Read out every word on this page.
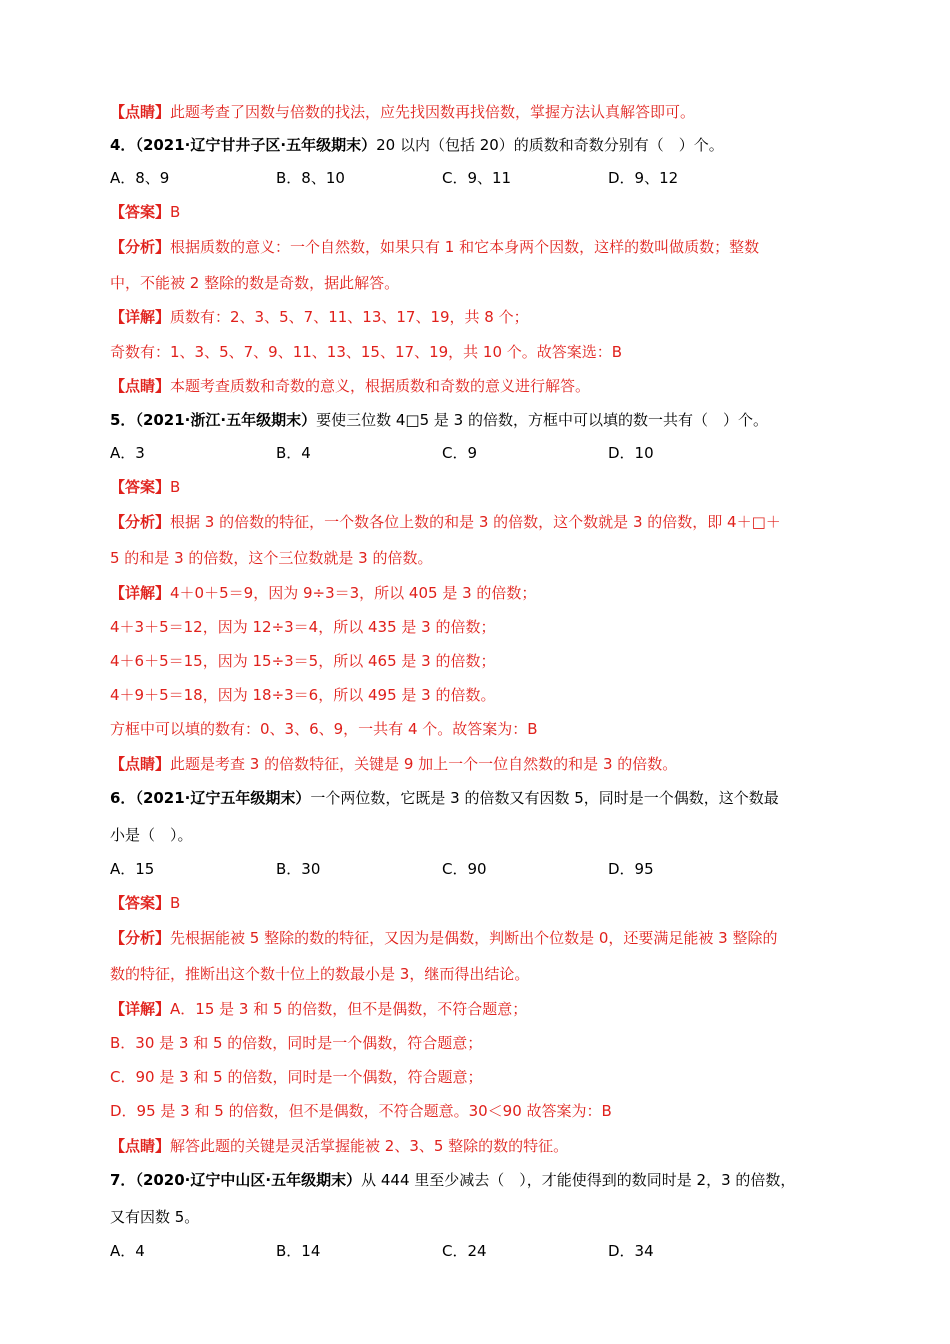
【点睛】此题考查了因数与倍数的找法，应先找因数再找倍数，掌握方法认真解答即可。
4．（2021·辽宁甘井子区·五年级期末）20 以内（包括 20）的质数和奇数分别有（　）个。
A．8、9	B．8、10	C．9、11	D．9、12
【答案】B
【分析】根据质数的意义：一个自然数，如果只有 1 和它本身两个因数，这样的数叫做质数；整数
中，不能被 2 整除的数是奇数，据此解答。
【详解】质数有：2、3、5、7、11、13、17、19，共 8 个；
奇数有：1、3、5、7、9、11、13、15、17、19，共 10 个。故答案选：B
【点睛】本题考查质数和奇数的意义，根据质数和奇数的意义进行解答。
5．（2021·浙江·五年级期末）要使三位数 4□5 是 3 的倍数，方框中可以填的数一共有（　）个。
A．3	B．4	C．9	D．10
【答案】B
【分析】根据 3 的倍数的特征，一个数各位上数的和是 3 的倍数，这个数就是 3 的倍数，即 4＋□＋
5 的和是 3 的倍数，这个三位数就是 3 的倍数。
【详解】4＋0＋5＝9，因为 9÷3＝3，所以 405 是 3 的倍数；
4＋3＋5＝12，因为 12÷3＝4，所以 435 是 3 的倍数；
4＋6＋5＝15，因为 15÷3＝5，所以 465 是 3 的倍数；
4＋9＋5＝18，因为 18÷3＝6，所以 495 是 3 的倍数。
方框中可以填的数有：0、3、6、9，一共有 4 个。故答案为：B
【点睛】此题是考查 3 的倍数特征，关键是 9 加上一个一位自然数的和是 3 的倍数。
6．（2021·辽宁五年级期末）一个两位数，它既是 3 的倍数又有因数 5，同时是一个偶数，这个数最
小是（　）。
A．15	B．30	C．90	D．95
【答案】B
【分析】先根据能被 5 整除的数的特征，又因为是偶数，判断出个位数是 0，还要满足能被 3 整除的
数的特征，推断出这个数十位上的数最小是 3，继而得出结论。
【详解】A．15 是 3 和 5 的倍数，但不是偶数，不符合题意；
B．30 是 3 和 5 的倍数，同时是一个偶数，符合题意；
C．90 是 3 和 5 的倍数，同时是一个偶数，符合题意；
D．95 是 3 和 5 的倍数，但不是偶数，不符合题意。30＜90 故答案为：B
【点睛】解答此题的关键是灵活掌握能被 2、3、5 整除的数的特征。
7．（2020·辽宁中山区·五年级期末）从 444 里至少减去（　），才能使得到的数同时是 2，3 的倍数，
又有因数 5。
A．4	B．14	C．24	D．34
